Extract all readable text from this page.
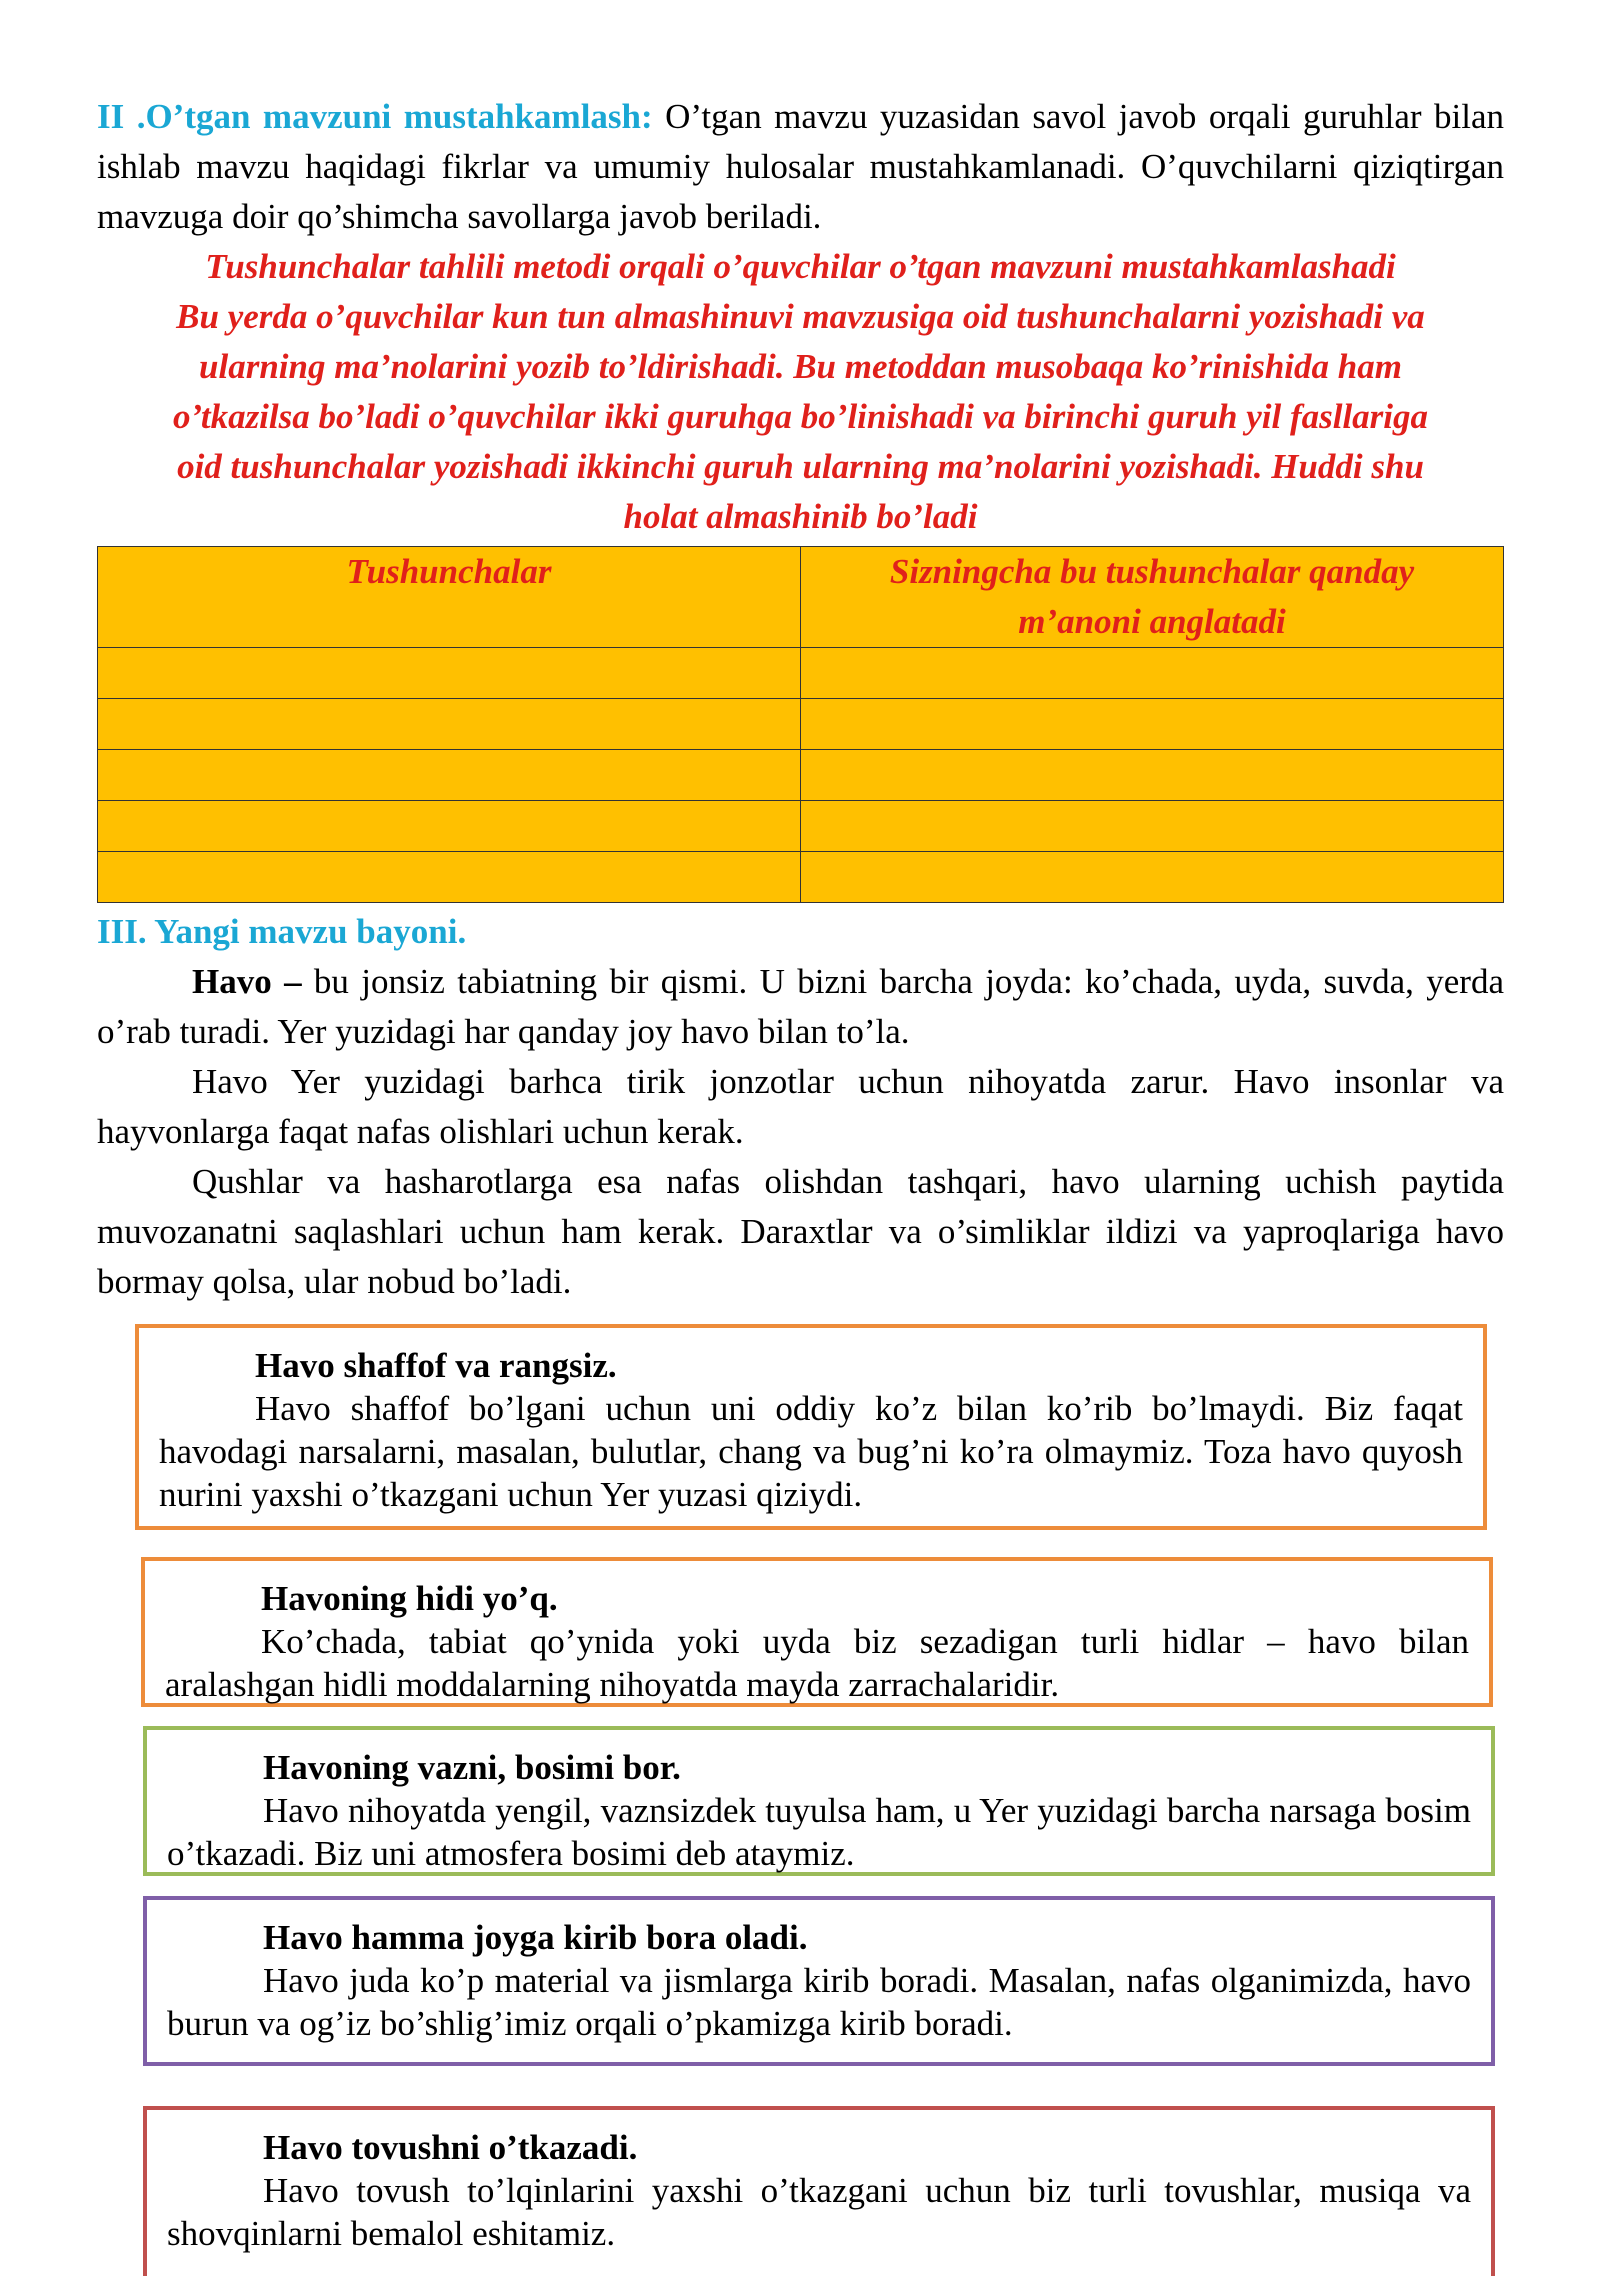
II .O’tgan mavzuni mustahkamlash: O’tgan mavzu yuzasidan savol javob orqali guruhlar bilan ishlab mavzu haqidagi fikrlar va umumiy hulosalar mustahkamlanadi. O’quvchilarni qiziqtirgan mavzuga doir qo’shimcha savollarga javob beriladi.

Tushunchalar tahlili metodi orqali o’quvchilar o’tgan mavzuni mustahkamlashadi
Bu yerda o’quvchilar kun tun almashinuvi mavzusiga oid tushunchalarni yozishadi va
ularning ma’nolarini yozib to’ldirishadi. Bu metoddan musobaqa ko’rinishida ham
o’tkazilsa bo’ladi o’quvchilar ikki guruhga bo’linishadi va birinchi guruh yil fasllariga
oid tushunchalar yozishadi ikkinchi guruh ularning ma’nolarini yozishadi. Huddi shu
holat almashinib bo’ladi
Tushunchalar	Sizningcha bu tushunchalar qanday m’anoni anglatadi

III. Yangi mavzu bayoni.

Havo – bu jonsiz tabiatning bir qismi. U bizni barcha joyda: ko’chada, uyda, suvda, yerda o’rab turadi. Yer yuzidagi har qanday joy havo bilan to’la.

Havo Yer yuzidagi barhca tirik jonzotlar uchun nihoyatda zarur. Havo insonlar va hayvonlarga faqat nafas olishlari uchun kerak.

Qushlar va hasharotlarga esa nafas olishdan tashqari, havo ularning uchish paytida muvozanatni saqlashlari uchun ham kerak. Daraxtlar va o’simliklar ildizi va yaproqlariga havo bormay qolsa, ular nobud bo’ladi.

Havo shaffof va rangsiz.
Havo shaffof bo’lgani uchun uni oddiy ko’z bilan ko’rib bo’lmaydi. Biz faqat havodagi narsalarni, masalan, bulutlar, chang va bug’ni ko’ra olmaymiz. Toza havo quyosh nurini yaxshi o’tkazgani uchun Yer yuzasi qiziydi.
Havoning hidi yo’q.
Ko’chada, tabiat qo’ynida yoki uyda biz sezadigan turli hidlar – havo bilan aralashgan hidli moddalarning nihoyatda mayda zarrachalaridir.
Havoning vazni, bosimi bor.
Havo nihoyatda yengil, vaznsizdek tuyulsa ham, u Yer yuzidagi barcha narsaga bosim o’tkazadi. Biz uni atmosfera bosimi deb ataymiz.
Havo hamma joyga kirib bora oladi.
Havo juda ko’p material va jismlarga kirib boradi. Masalan, nafas olganimizda, havo burun va og’iz bo’shlig’imiz orqali o’pkamizga kirib boradi.
Havo tovushni o’tkazadi.
Havo tovush to’lqinlarini yaxshi o’tkazgani uchun biz turli tovushlar, musiqa va shovqinlarni bemalol eshitamiz.
